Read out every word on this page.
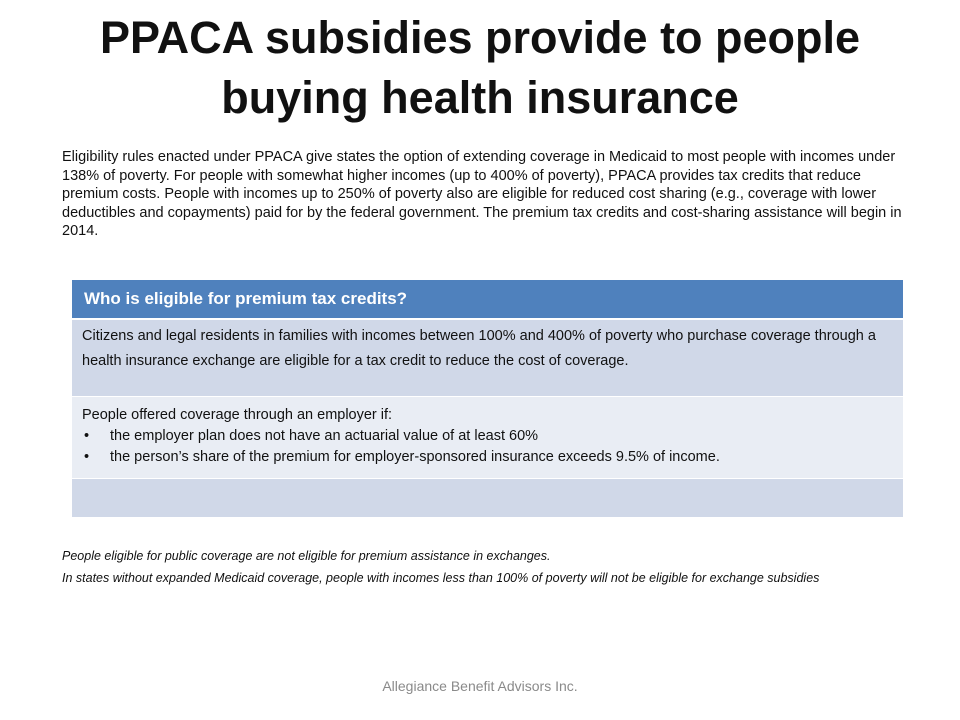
PPACA subsidies provide to people buying health insurance

Eligibility rules enacted under PPACA give states the option of extending coverage in Medicaid to most people with incomes under 138% of poverty. For people with somewhat higher incomes (up to 400% of poverty), PPACA provides tax credits that reduce premium costs. People with incomes up to 250% of poverty also are eligible for reduced cost sharing (e.g., coverage with lower deductibles and copayments) paid for by the federal government. The premium tax credits and cost-sharing assistance will begin in 2014.

Who is eligible for premium tax credits?
Citizens and legal residents in families with incomes between 100% and 400% of poverty who purchase coverage through a health insurance exchange are eligible for a tax credit to reduce the cost of coverage.

People offered coverage through an employer if:
• the employer plan does not have an actuarial value of at least 60%
• the person’s share of the premium for employer-sponsored insurance exceeds 9.5% of income.

People eligible for public coverage are not eligible for premium assistance in exchanges.

In states without expanded Medicaid coverage, people with incomes less than 100% of poverty will not be eligible for exchange subsidies

Allegiance Benefit Advisors Inc.
